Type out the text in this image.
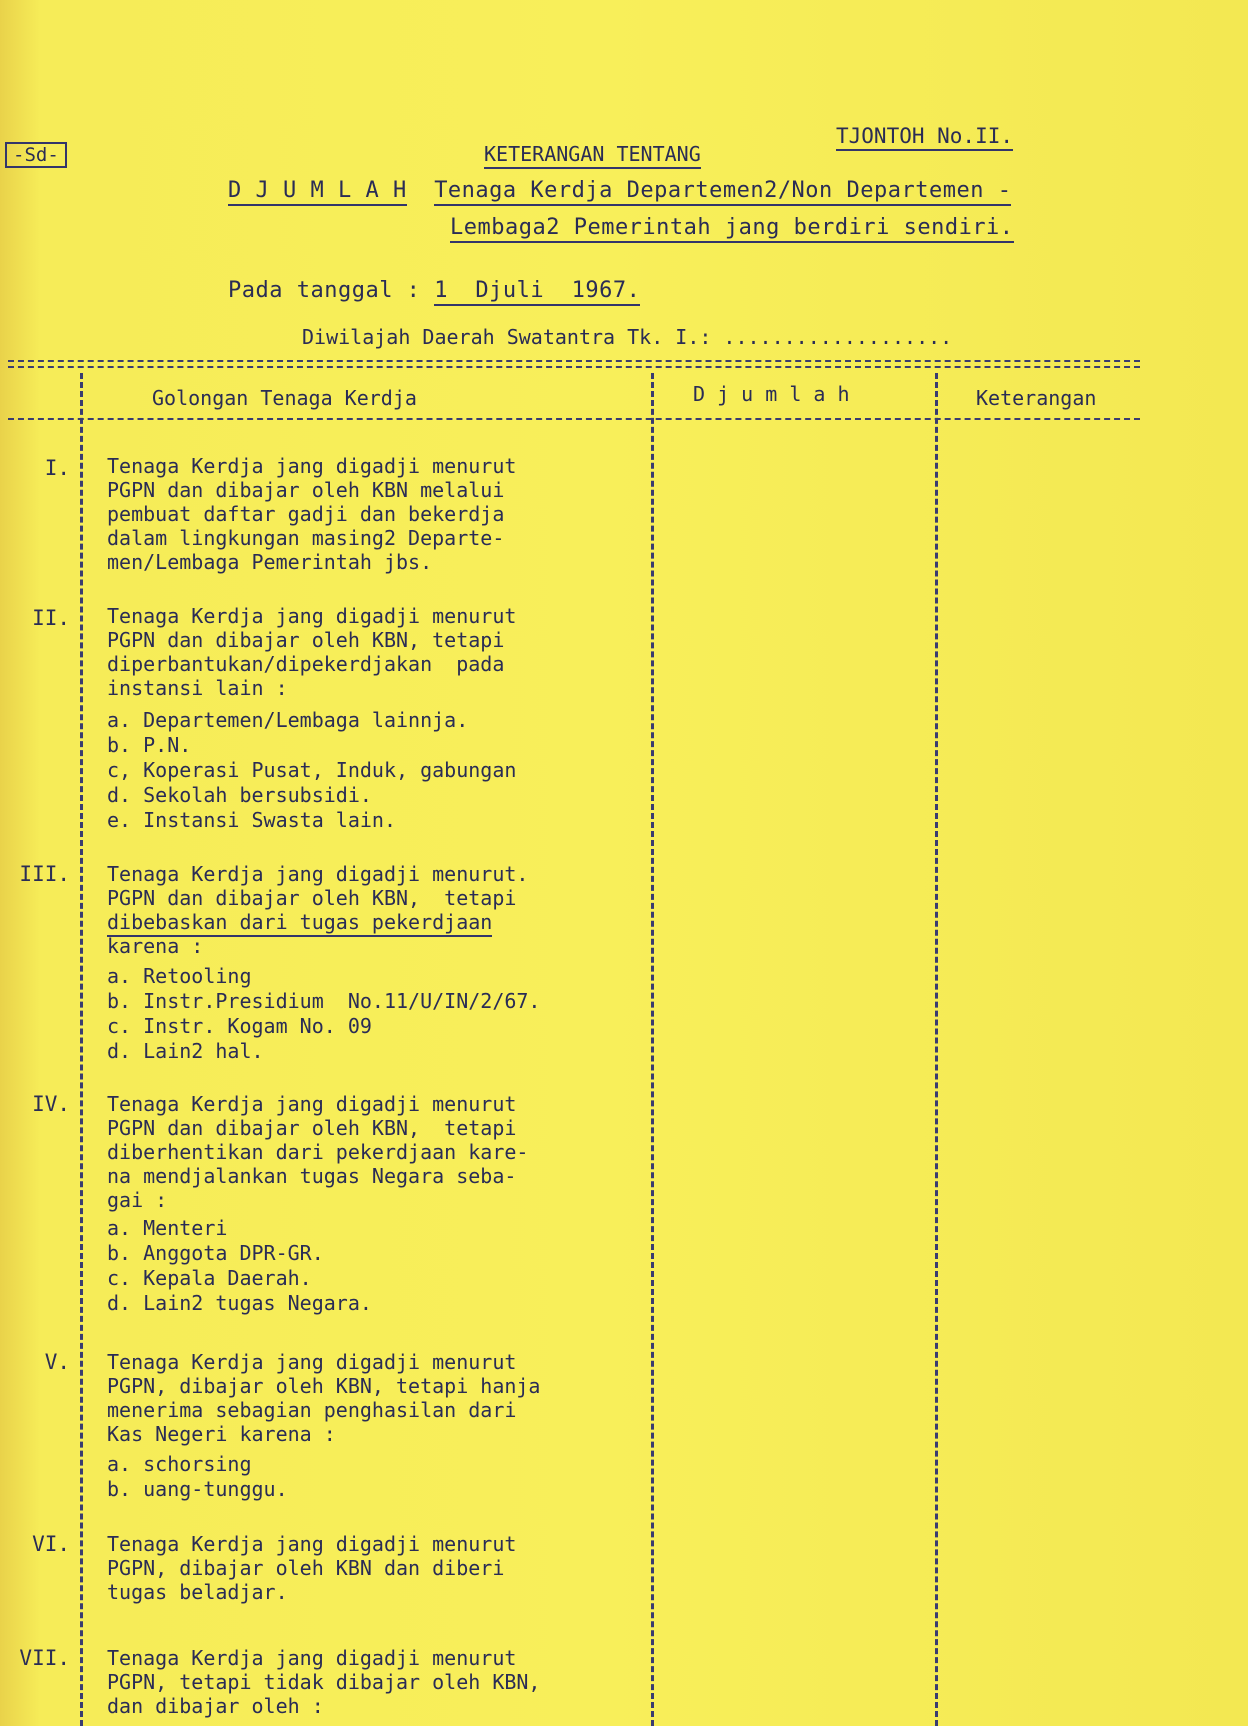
-Sd-
TJONTOH No.II.
KETERANGAN TENTANG
D J U M L A H Tenaga Kerdja Departemen2/Non Departemen -
Lembaga2 Pemerintah jang berdiri sendiri.
Pada tanggal : 1  Djuli  1967.
Diwilajah Daerah Swatantra Tk. I.: ...................
Golongan Tenaga Kerdja	D j u m l a h	Keterangan
I. Tenaga Kerdja jang digadji menurut

PGPN dan dibajar oleh KBN melalui

pembuat daftar gadji dan bekerdja

dalam lingkungan masing2 Departe-

men/Lembaga Pemerintah jbs.

II. Tenaga Kerdja jang digadji menurut

PGPN dan dibajar oleh KBN, tetapi

diperbantukan/dipekerdjakan  pada

instansi lain :

a. Departemen/Lembaga lainnja.
b. P.N.
c, Koperasi Pusat, Induk, gabungan
d. Sekolah bersubsidi.
e. Instansi Swasta lain.
III. Tenaga Kerdja jang digadji menurut.

PGPN dan dibajar oleh KBN,  tetapi

dibebaskan dari tugas pekerdjaan

karena :

a. Retooling
b. Instr.Presidium  No.11/U/IN/2/67.
c. Instr. Kogam No. 09
d. Lain2 hal.
IV. Tenaga Kerdja jang digadji menurut

PGPN dan dibajar oleh KBN,  tetapi

diberhentikan dari pekerdjaan kare-

na mendjalankan tugas Negara seba-

gai :

a. Menteri
b. Anggota DPR-GR.
c. Kepala Daerah.
d. Lain2 tugas Negara.
V. Tenaga Kerdja jang digadji menurut

PGPN, dibajar oleh KBN, tetapi hanja

menerima sebagian penghasilan dari

Kas Negeri karena :

a. schorsing
b. uang-tunggu.
VI. Tenaga Kerdja jang digadji menurut

PGPN, dibajar oleh KBN dan diberi

tugas beladjar.

VII. Tenaga Kerdja jang digadji menurut

PGPN, tetapi tidak dibajar oleh KBN,

dan dibajar oleh :
